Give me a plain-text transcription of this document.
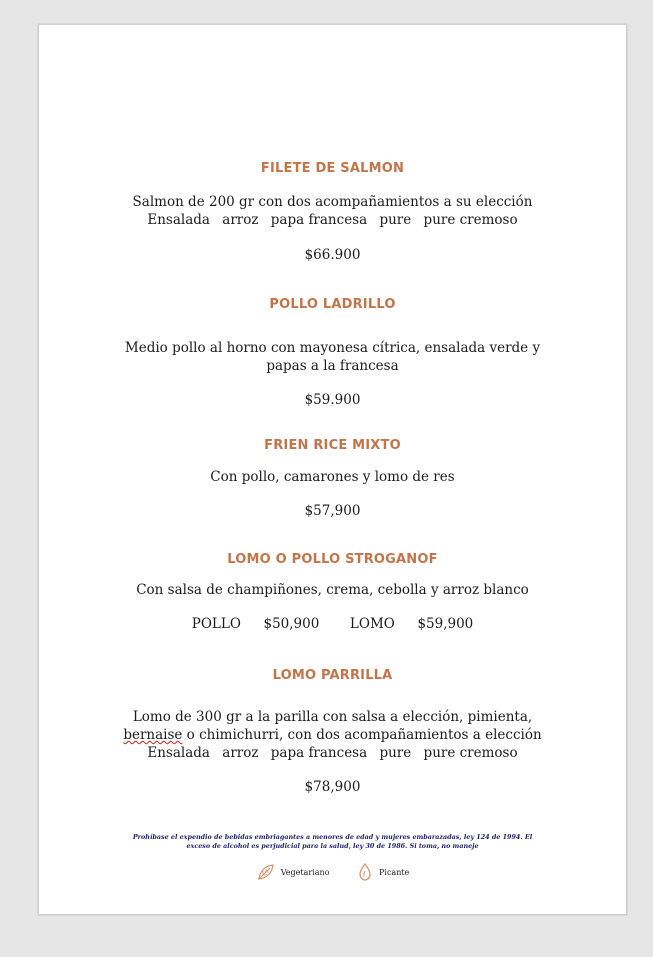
FILETE DE SALMON
Salmon de 200 gr con dos acompañamientos a su elección
Ensalada arroz papa francesa pure pure cremoso
$66.900
POLLO LADRILLO
Medio pollo al horno con mayonesa cítrica, ensalada verde y
papas a la francesa
$59.900
FRIEN RICE MIXTO
Con pollo, camarones y lomo de res
$57,900
LOMO O POLLO STROGANOF
Con salsa de champiñones, crema, cebolla y arroz blanco
POLLO $50,900 LOMO $59,900
LOMO PARRILLA
Lomo de 300 gr a la parilla con salsa a elección, pimienta,
bernaise o chimichurri, con dos acompañamientos a elección
Ensalada arroz papa francesa pure pure cremoso
$78,900
Prohíbase el expendio de bebidas embriagantes a menores de edad y mujeres embarazadas, ley 124 de 1994. El
exceso de alcohol es perjudicial para la salud, ley 30 de 1986. Si toma, no maneje
Vegetariano
	Picante
